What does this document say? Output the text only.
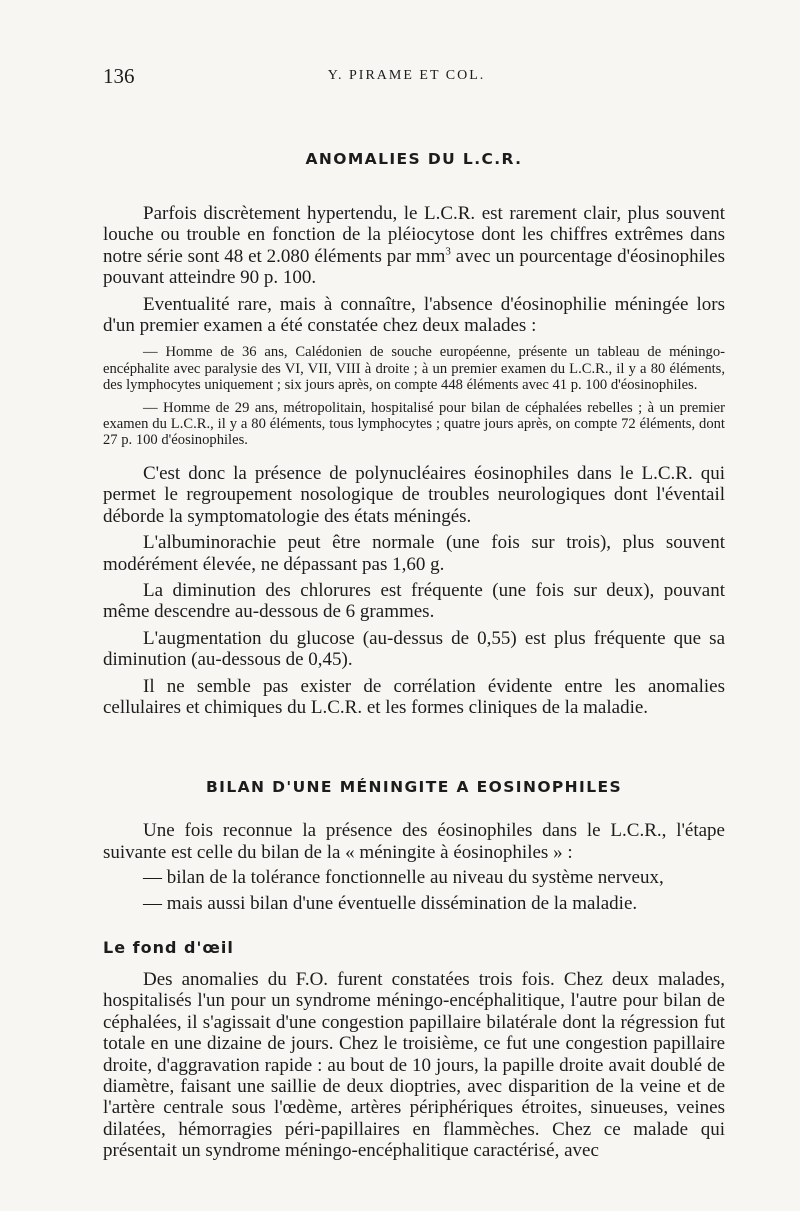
136	Y. PIRAME ET COL.
ANOMALIES DU L.C.R.

Parfois discrètement hypertendu, le L.C.R. est rarement clair, plus souvent louche ou trouble en fonction de la pléiocytose dont les chiffres extrêmes dans notre série sont 48 et 2.080 éléments par $mm^3$ avec un pourcentage d'éosinophiles pouvant atteindre 90 p. 100.

Eventualité rare, mais à connaître, l'absence d'éosinophilie méningée lors d'un premier examen a été constatée chez deux malades :

— Homme de 36 ans, Calédonien de souche européenne, présente un tableau de méningo-encéphalite avec paralysie des VI, VII, VIII à droite ; à un premier examen du L.C.R., il y a 80 éléments, des lymphocytes uniquement ; six jours après, on compte 448 éléments avec 41 p. 100 d'éosinophiles.

— Homme de 29 ans, métropolitain, hospitalisé pour bilan de céphalées rebelles ; à un premier examen du L.C.R., il y a 80 éléments, tous lymphocytes ; quatre jours après, on compte 72 éléments, dont 27 p. 100 d'éosinophiles.

C'est donc la présence de polynucléaires éosinophiles dans le L.C.R. qui permet le regroupement nosologique de troubles neurologiques dont l'éventail déborde la symptomatologie des états méningés.

L'albuminorachie peut être normale (une fois sur trois), plus souvent modérément élevée, ne dépassant pas 1,60 g.

La diminution des chlorures est fréquente (une fois sur deux), pouvant même descendre au-dessous de 6 grammes.

L'augmentation du glucose (au-dessus de 0,55) est plus fréquente que sa diminution (au-dessous de 0,45).

Il ne semble pas exister de corrélation évidente entre les anomalies cellulaires et chimiques du L.C.R. et les formes cliniques de la maladie.

BILAN D'UNE MÉNINGITE A EOSINOPHILES

Une fois reconnue la présence des éosinophiles dans le L.C.R., l'étape suivante est celle du bilan de la « méningite à éosinophiles » :

— bilan de la tolérance fonctionnelle au niveau du système nerveux,

— mais aussi bilan d'une éventuelle dissémination de la maladie.

Le fond d'œil

Des anomalies du F.O. furent constatées trois fois. Chez deux malades, hospitalisés l'un pour un syndrome méningo-encéphalitique, l'autre pour bilan de céphalées, il s'agissait d'une congestion papillaire bilatérale dont la régression fut totale en une dizaine de jours. Chez le troisième, ce fut une congestion papillaire droite, d'aggravation rapide : au bout de 10 jours, la papille droite avait doublé de diamètre, faisant une saillie de deux dioptries, avec disparition de la veine et de l'artère centrale sous l'œdème, artères périphériques étroites, sinueuses, veines dilatées, hémorragies péri-papillaires en flammèches. Chez ce malade qui présentait un syndrome méningo-encéphalitique caractérisé, avec
